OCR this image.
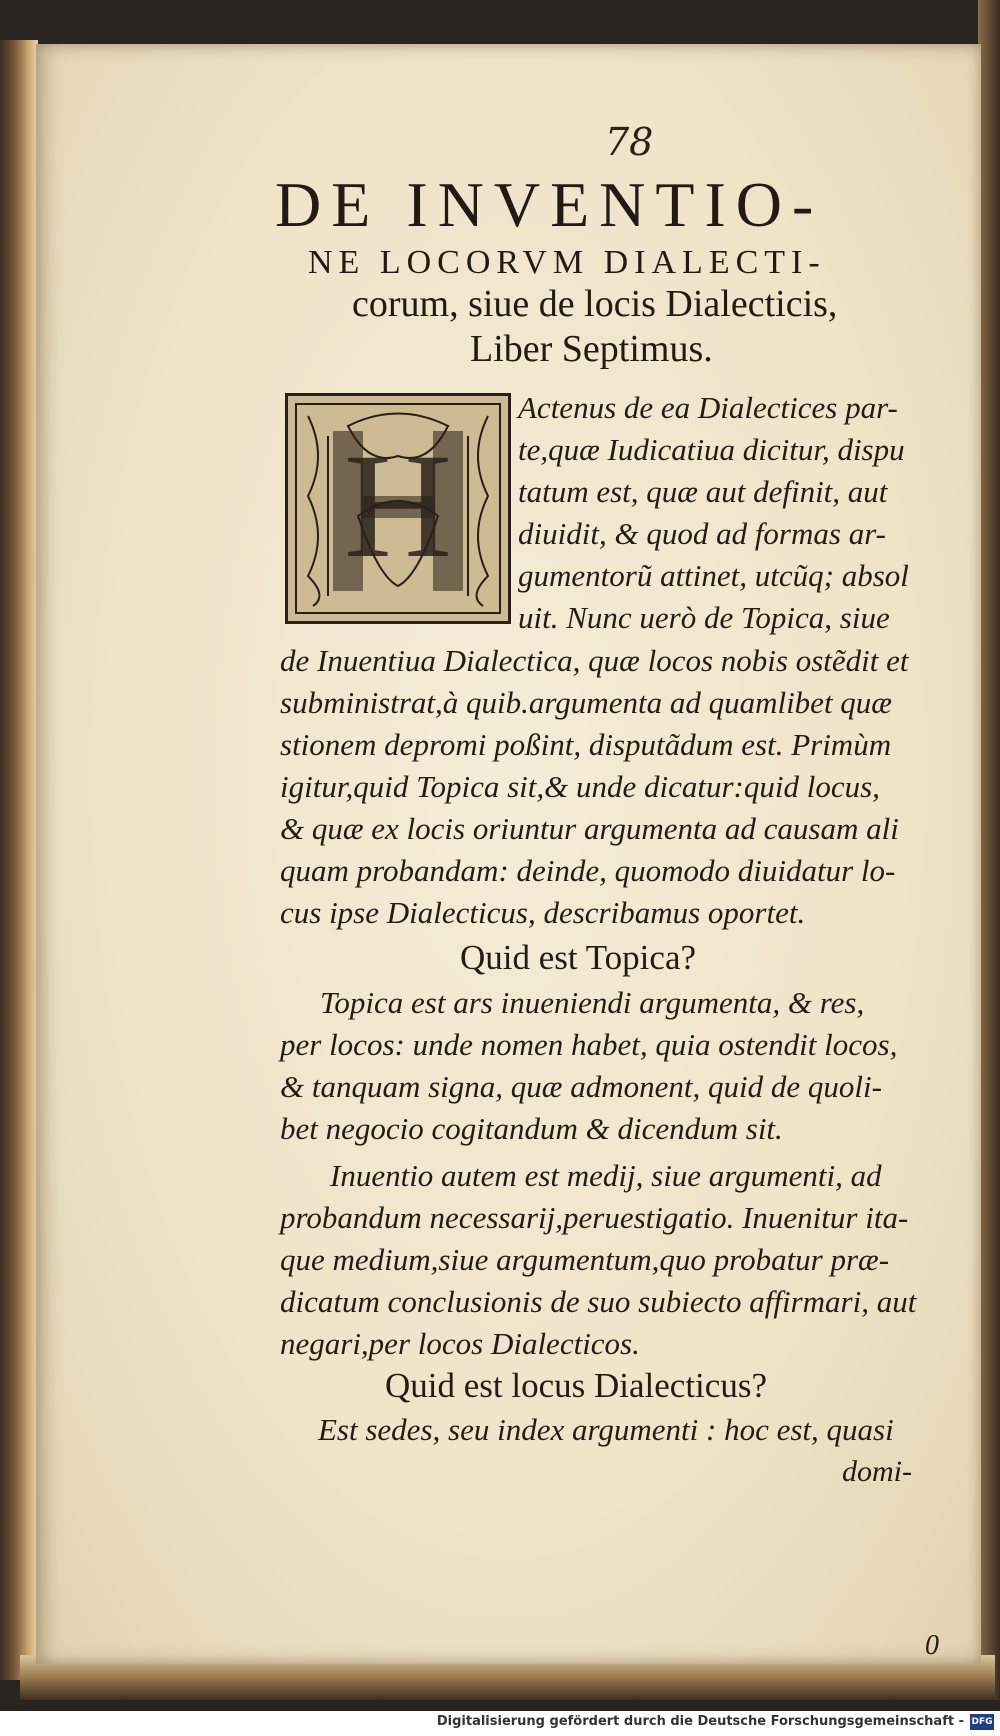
78
DE INVENTIO-
NE LOCORVM DIALECTI-
corum, siue de locis Dialecticis,
Liber Septimus.
H
Actenus de ea Dialectices par-
te,quæ Iudicatiua dicitur, dispu
tatum est, quæ aut definit, aut
diuidit, & quod ad formas ar-
gumentorũ attinet, utcũq; absol
uit. Nunc uerò de Topica, siue
de Inuentiua Dialectica, quæ locos nobis ostẽdit et
subministrat,à quib.argumenta ad quamlibet quæ
stionem depromi poßint, disputãdum est. Primùm
igitur,quid Topica sit,& unde dicatur:quid locus,
& quæ ex locis oriuntur argumenta ad causam ali
quam probandam: deinde, quomodo diuidatur lo-
cus ipse Dialecticus, describamus oportet.
Quid est Topica?
Topica est ars inueniendi argumenta, & res,
per locos: unde nomen habet, quia ostendit locos,
& tanquam signa, quæ admonent, quid de quoli-
bet negocio cogitandum & dicendum sit.
Inuentio autem est medij, siue argumenti, ad
probandum necessarij,peruestigatio. Inuenitur ita-
que medium,siue argumentum,quo probatur præ-
dicatum conclusionis de suo subiecto affirmari, aut
negari,per locos Dialecticos.
Quid est locus Dialecticus?
Est sedes, seu index argumenti : hoc est, quasi
domi-
0
Digitalisierung gefördert durch die Deutsche Forschungsgemeinschaft - DFG
